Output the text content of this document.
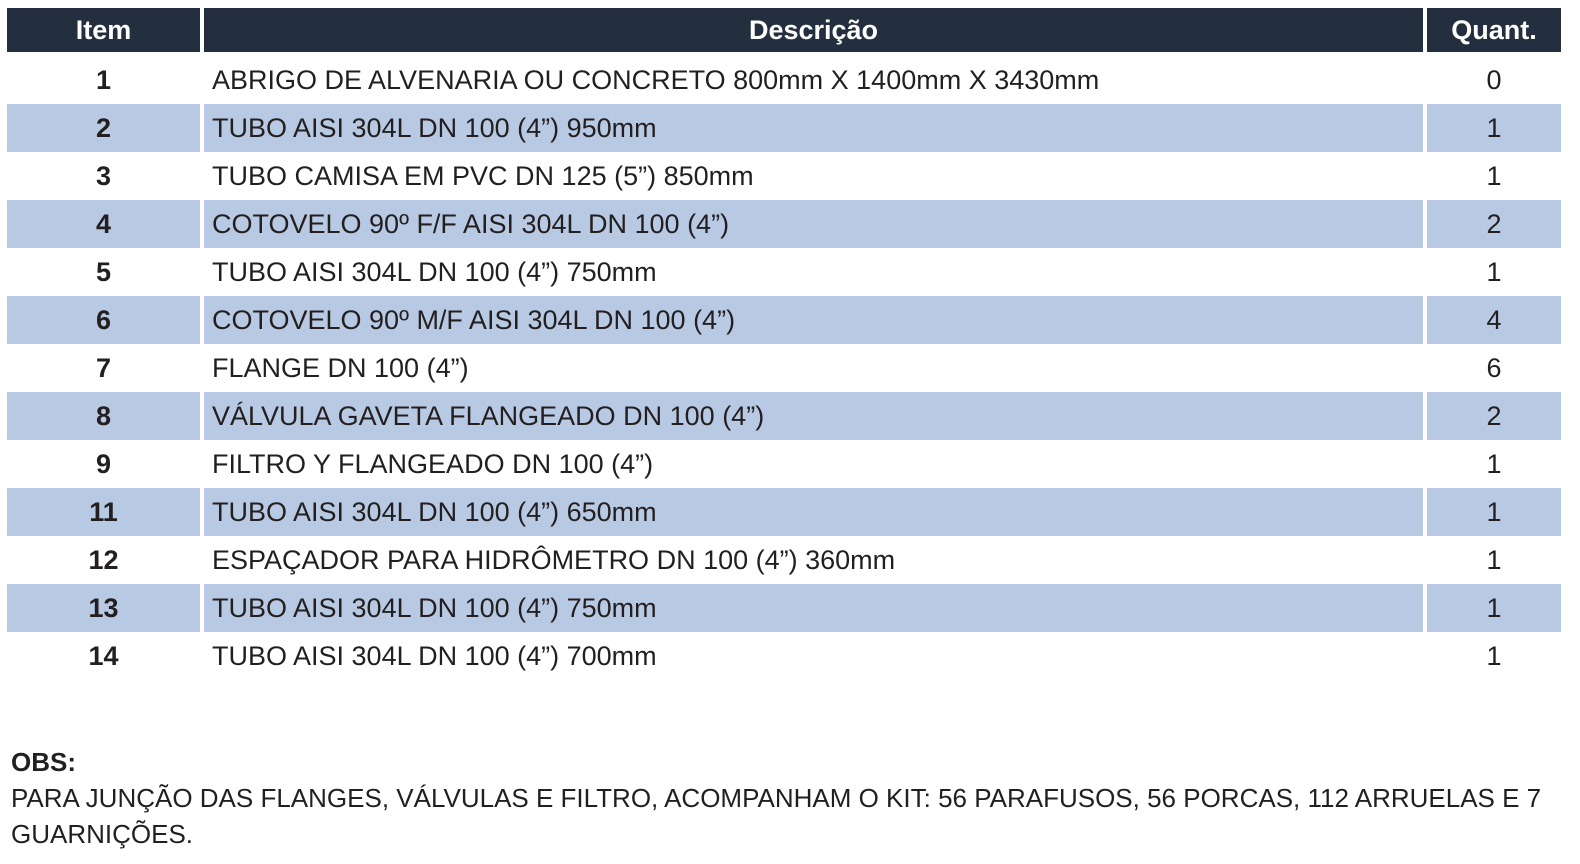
Item	Descrição	Quant.
1	ABRIGO DE ALVENARIA OU CONCRETO 800mm X 1400mm X 3430mm	0
2	TUBO AISI 304L DN 100 (4”) 950mm	1
3	TUBO CAMISA EM PVC DN 125 (5”) 850mm	1
4	COTOVELO 90º F/F AISI 304L DN 100 (4”)	2
5	TUBO AISI 304L DN 100 (4”) 750mm	1
6	COTOVELO 90º M/F AISI 304L DN 100 (4”)	4
7	FLANGE DN 100 (4”)	6
8	VÁLVULA GAVETA FLANGEADO DN 100 (4”)	2
9	FILTRO Y FLANGEADO DN 100 (4”)	1
11	TUBO AISI 304L DN 100 (4”) 650mm	1
12	ESPAÇADOR PARA HIDRÔMETRO DN 100 (4”) 360mm	1
13	TUBO AISI 304L DN 100 (4”) 750mm	1
14	TUBO AISI 304L DN 100 (4”) 700mm	1
OBS:
PARA JUNÇÃO DAS FLANGES, VÁLVULAS E FILTRO, ACOMPANHAM O KIT: 56 PARAFUSOS, 56 PORCAS, 112 ARRUELAS E 7 GUARNIÇÕES.
